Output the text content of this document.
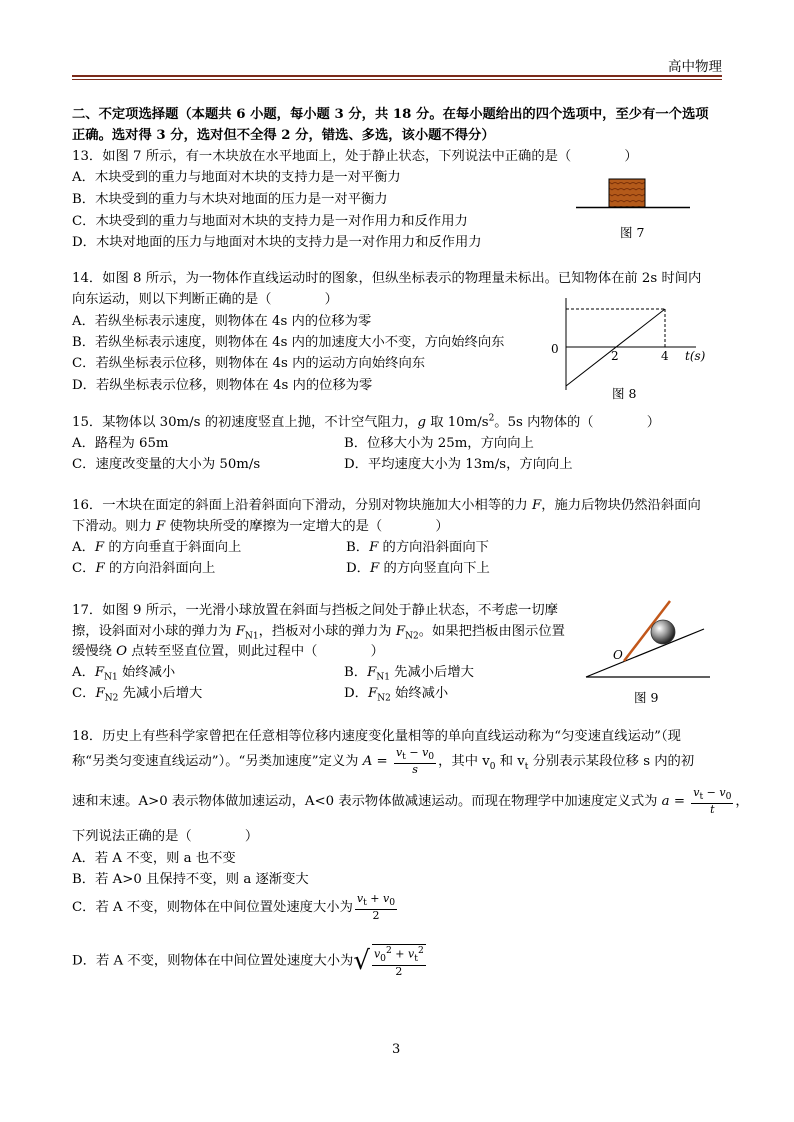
高中物理
二、不定项选择题（本题共 6 小题，每小题 3 分，共 18 分。在每小题给出的四个选项中，至少有一个选项
正确。选对得 3 分，选对但不全得 2 分，错选、多选，该小题不得分）
13．如图 7 所示，有一木块放在水平地面上，处于静止状态，下列说法中正确的是（　　　　）
A．木块受到的重力与地面对木块的支持力是一对平衡力
B．木块受到的重力与木块对地面的压力是一对平衡力
C．木块受到的重力与地面对木块的支持力是一对作用力和反作用力
D．木块对地面的压力与地面对木块的支持力是一对作用力和反作用力
图 7
14．如图 8 所示，为一物体作直线运动时的图象，但纵坐标表示的物理量未标出。已知物体在前 2s 时间内
向东运动，则以下判断正确的是（　　　　）
A．若纵坐标表示速度，则物体在 4s 内的位移为零
B．若纵坐标表示速度，则物体在 4s 内的加速度大小不变，方向始终向东
C．若纵坐标表示位移，则物体在 4s 内的运动方向始终向东
D．若纵坐标表示位移，则物体在 4s 内的位移为零
0	2	4 t(s)
图 8
15．某物体以 30m/s 的初速度竖直上抛，不计空气阻力，g 取 $10m/s^2$。5s 内物体的（　　　　）
A．路程为 65m	B．位移大小为 25m，方向向上
C．速度改变量的大小为 50m/s	D．平均速度大小为 13m/s，方向向上
16．一木块在面定的斜面上沿着斜面向下滑动，分别对物块施加大小相等的力 F，施力后物块仍然沿斜面向
下滑动。则力 F 使物块所受的摩擦为一定增大的是（　　　　）
A．F 的方向垂直于斜面向上	B．F 的方向沿斜面向下
C．F 的方向沿斜面向上	D．F 的方向竖直向下上
17．如图 9 所示，一光滑小球放置在斜面与挡板之间处于静止状态，不考虑一切摩
擦，设斜面对小球的弹力为 $F_{N1}$，挡板对小球的弹力为 $F_{N2}$。如果把挡板由图示位置
缓慢绕 O 点转至竖直位置，则此过程中（　　　　）
A．$F_{N1}$ 始终减小	B．$F_{N1}$ 先减小后增大
C．$F_{N2}$ 先减小后增大	D．$F_{N2}$ 始终减小
O
图 9
18．历史上有些科学家曾把在任意相等位移内速度变化量相等的单向直线运动称为“匀变速直线运动”（现
称“另类匀变速直线运动”）。“另类加速度”定义为 $A = \frac{v_t - v_0}{s}$ ，其中 $v_0$ 和 $v_t$ 分别表示某段位移 s 内的初
速和末速。A>0 表示物体做加速运动，A<0 表示物体做减速运动。而现在物理学中加速度定义式为 $a = \frac{v_t - v_0}{t}$ ，
下列说法正确的是（　　　　）
A．若 A 不变，则 a 也不变
B．若 A>0 且保持不变，则 a 逐渐变大
C．若 A 不变，则物体在中间位置处速度大小为 $\frac{v_t + v_0}{2}$
D．若 A 不变，则物体在中间位置处速度大小为√ $\frac{v_0^2 + v_t^2}{2}$
3
